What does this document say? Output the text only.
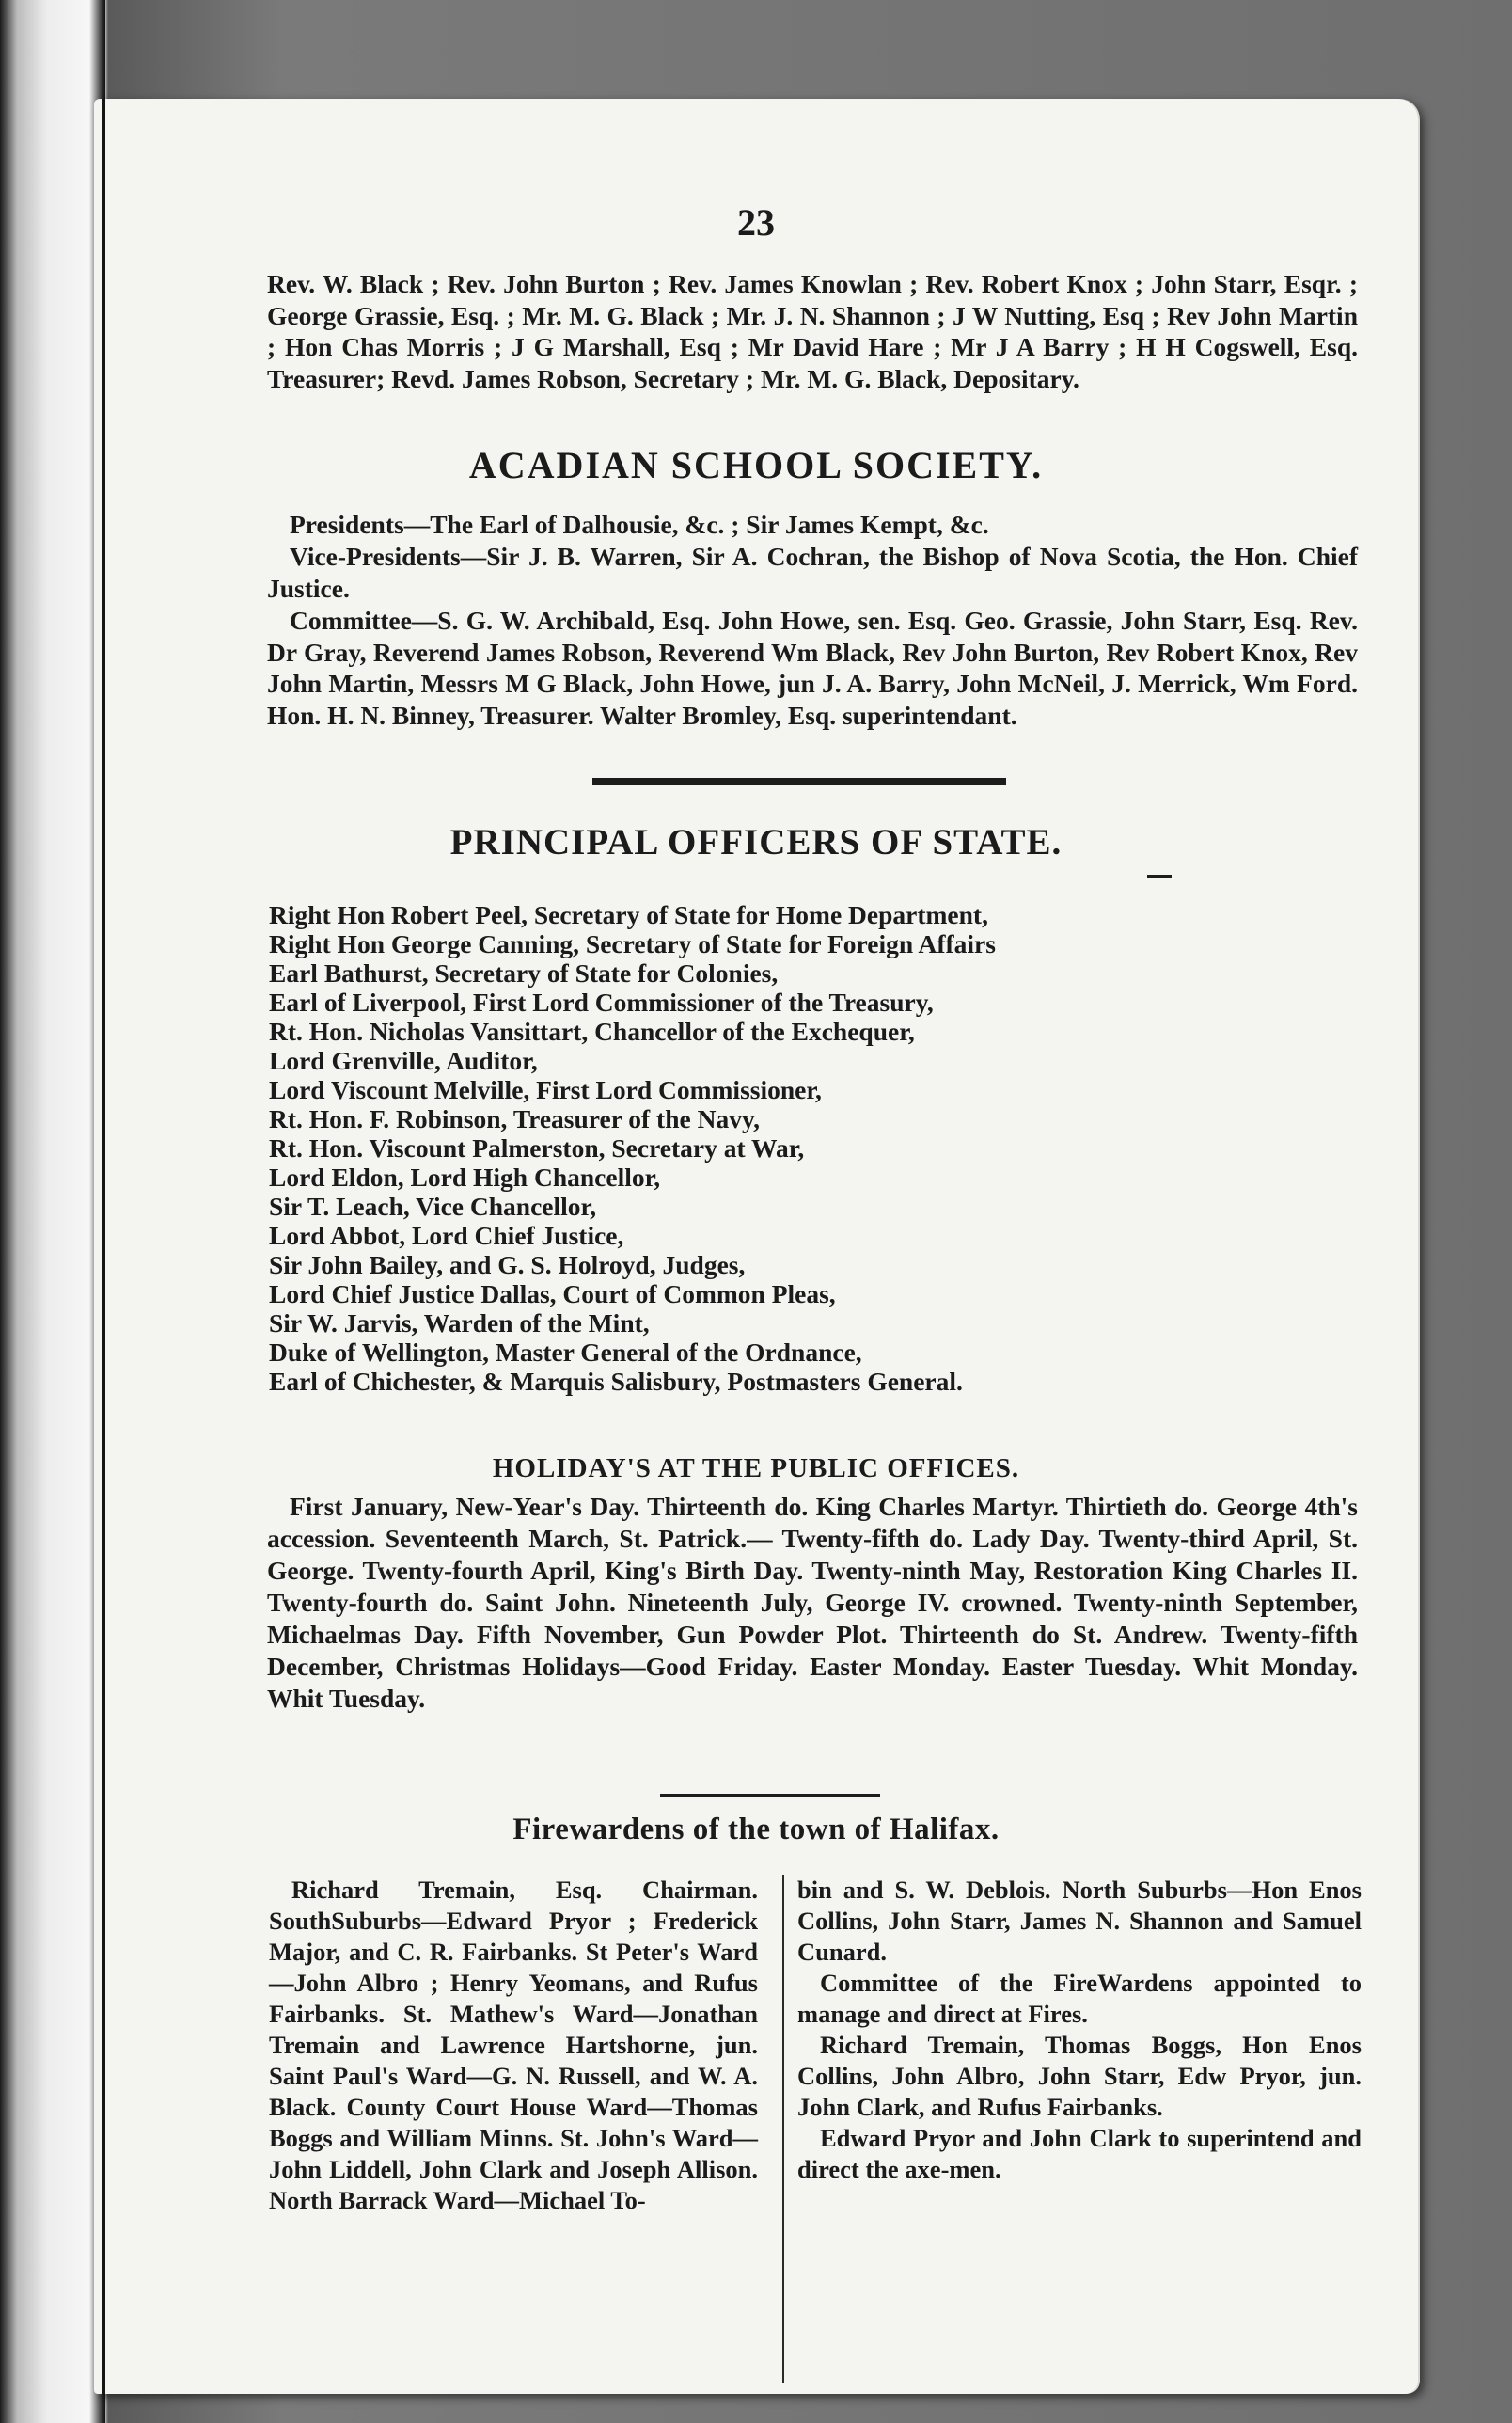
23

Rev. W. Black ; Rev. John Burton ; Rev. James Knowlan ; Rev. Robert Knox ; John Starr, Esqr. ; George Grassie, Esq. ; Mr. M. G. Black ; Mr. J. N. Shannon ; J W Nutting, Esq ; Rev John Martin ; Hon Chas Morris ; J G Marshall, Esq ; Mr David Hare ; Mr J A Barry ; H H Cogswell, Esq. Treasurer; Revd. James Robson, Secretary ; Mr. M. G. Black, Depositary.

ACADIAN SCHOOL SOCIETY.

Presidents—The Earl of Dalhousie, &c. ; Sir James Kempt, &c.

Vice-Presidents—Sir J. B. Warren, Sir A. Cochran, the Bishop of Nova Scotia, the Hon. Chief Justice.

Committee—S. G. W. Archibald, Esq. John Howe, sen. Esq. Geo. Grassie, John Starr, Esq. Rev. Dr Gray, Reverend James Robson, Reverend Wm Black, Rev John Burton, Rev Robert Knox, Rev John Martin, Messrs M G Black, John Howe, jun J. A. Barry, John McNeil, J. Merrick, Wm Ford. Hon. H. N. Binney, Treasurer. Walter Bromley, Esq. superintendant.

PRINCIPAL OFFICERS OF STATE.
Right Hon Robert Peel, Secretary of State for Home Department,
Right Hon George Canning, Secretary of State for Foreign Affairs
Earl Bathurst, Secretary of State for Colonies,
Earl of Liverpool, First Lord Commissioner of the Treasury,
Rt. Hon. Nicholas Vansittart, Chancellor of the Exchequer,
Lord Grenville, Auditor,
Lord Viscount Melville, First Lord Commissioner,
Rt. Hon. F. Robinson, Treasurer of the Navy,
Rt. Hon. Viscount Palmerston, Secretary at War,
Lord Eldon, Lord High Chancellor,
Sir T. Leach, Vice Chancellor,
Lord Abbot, Lord Chief Justice,
Sir John Bailey, and G. S. Holroyd, Judges,
Lord Chief Justice Dallas, Court of Common Pleas,
Sir W. Jarvis, Warden of the Mint,
Duke of Wellington, Master General of the Ordnance,
Earl of Chichester, & Marquis Salisbury, Postmasters General.
HOLIDAY'S AT THE PUBLIC OFFICES.

First January, New-Year's Day. Thirteenth do. King Charles Martyr. Thirtieth do. George 4th's accession. Seventeenth March, St. Patrick.— Twenty-fifth do. Lady Day. Twenty-third April, St. George. Twenty-fourth April, King's Birth Day. Twenty-ninth May, Restoration King Charles II. Twenty-fourth do. Saint John. Nineteenth July, George IV. crowned. Twenty-ninth September, Michaelmas Day. Fifth November, Gun Powder Plot. Thirteenth do St. Andrew. Twenty-fifth December, Christmas Holidays—Good Friday. Easter Monday. Easter Tuesday. Whit Monday. Whit Tuesday.

Firewardens of the town of Halifax.

Richard Tremain, Esq. Chairman. SouthSuburbs—Edward Pryor ; Frederick Major, and C. R. Fairbanks. St Peter's Ward—John Albro ; Henry Yeomans, and Rufus Fairbanks. St. Mathew's Ward—Jonathan Tremain and Lawrence Hartshorne, jun. Saint Paul's Ward—G. N. Russell, and W. A. Black. County Court House Ward—Thomas Boggs and William Minns. St. John's Ward—John Liddell, John Clark and Joseph Allison. North Barrack Ward—Michael To-

bin and S. W. Deblois. North Suburbs—Hon Enos Collins, John Starr, James N. Shannon and Samuel Cunard.

Committee of the FireWardens appointed to manage and direct at Fires.

Richard Tremain, Thomas Boggs, Hon Enos Collins, John Albro, John Starr, Edw Pryor, jun. John Clark, and Rufus Fairbanks.

Edward Pryor and John Clark to superintend and direct the axe-men.
